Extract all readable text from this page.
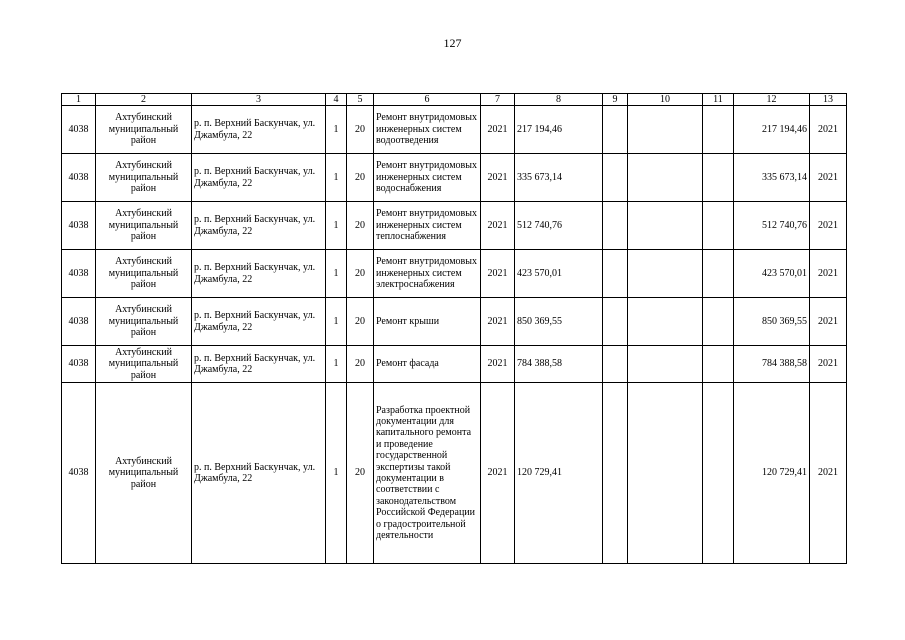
127
1	2	3	4	5	6	7	8	9	10	11	12	13
4038	Ахтубинский муниципальный район	р. п. Верхний Баскунчак, ул. Джамбула, 22	1	20	Ремонт внутридомовых инженерных систем водоотведения	2021	217 194,46				217 194,46	2021
4038	Ахтубинский муниципальный район	р. п. Верхний Баскунчак, ул. Джамбула, 22	1	20	Ремонт внутридомовых инженерных систем водоснабжения	2021	335 673,14				335 673,14	2021
4038	Ахтубинский муниципальный район	р. п. Верхний Баскунчак, ул. Джамбула, 22	1	20	Ремонт внутридомовых инженерных систем теплоснабжения	2021	512 740,76				512 740,76	2021
4038	Ахтубинский муниципальный район	р. п. Верхний Баскунчак, ул. Джамбула, 22	1	20	Ремонт внутридомовых инженерных систем электроснабжения	2021	423 570,01				423 570,01	2021
4038	Ахтубинский муниципальный район	р. п. Верхний Баскунчак, ул. Джамбула, 22	1	20	Ремонт крыши	2021	850 369,55				850 369,55	2021
4038	Ахтубинский муниципальный район	р. п. Верхний Баскунчак, ул. Джамбула, 22	1	20	Ремонт фасада	2021	784 388,58				784 388,58	2021
4038	Ахтубинский муниципальный район	р. п. Верхний Баскунчак, ул. Джамбула, 22	1	20	Разработка проектной документации для капитального ремонта и проведение государственной экспертизы такой документации в соответствии с законодательством Российской Федерации о градостроительной деятельности	2021	120 729,41				120 729,41	2021
